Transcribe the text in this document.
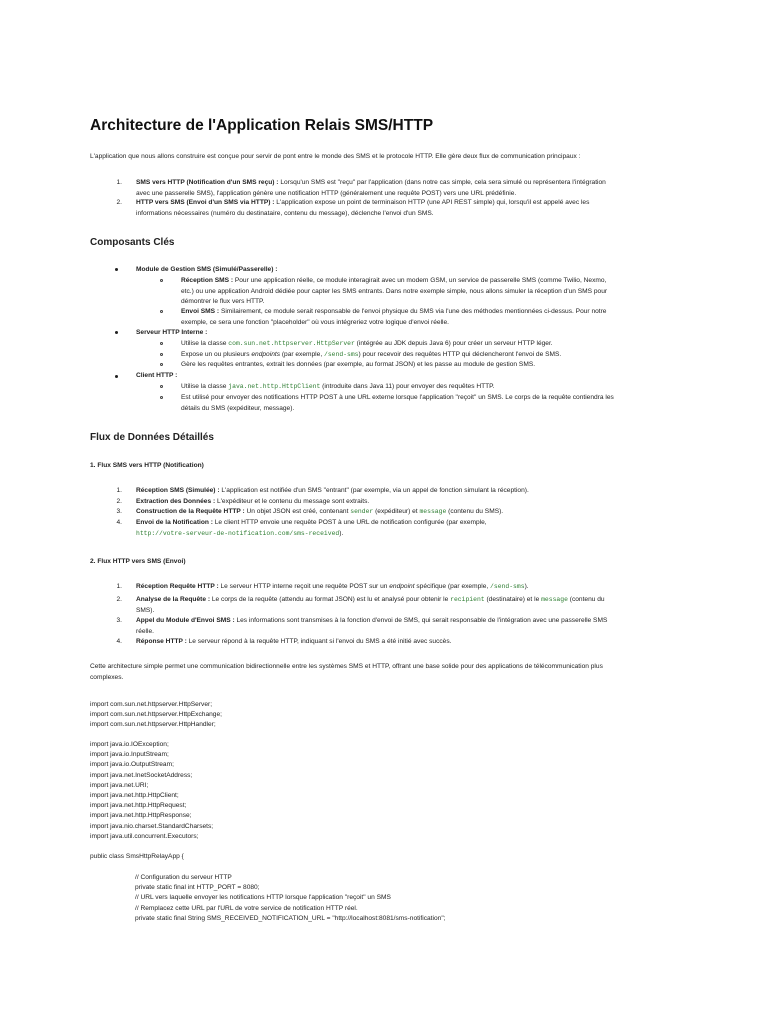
Architecture de l'Application Relais SMS/HTTP
L'application que nous allons construire est conçue pour servir de pont entre le monde des SMS et le protocole HTTP. Elle gère deux flux de communication principaux :
1. SMS vers HTTP (Notification d'un SMS reçu) : Lorsqu'un SMS est "reçu" par l'application (dans notre cas simple, cela sera simulé ou représentera l'intégration
avec une passerelle SMS), l'application génère une notification HTTP (généralement une requête POST) vers une URL prédéfinie.
2. HTTP vers SMS (Envoi d'un SMS via HTTP) : L'application expose un point de terminaison HTTP (une API REST simple) qui, lorsqu'il est appelé avec les
informations nécessaires (numéro du destinataire, contenu du message), déclenche l'envoi d'un SMS.
Composants Clés
Module de Gestion SMS (Simulé/Passerelle) :
Réception SMS : Pour une application réelle, ce module interagirait avec un modem GSM, un service de passerelle SMS (comme Twilio, Nexmo,
etc.) ou une application Android dédiée pour capter les SMS entrants. Dans notre exemple simple, nous allons simuler la réception d'un SMS pour
démontrer le flux vers HTTP.
Envoi SMS : Similairement, ce module serait responsable de l'envoi physique du SMS via l'une des méthodes mentionnées ci-dessus. Pour notre
exemple, ce sera une fonction "placeholder" où vous intégreriez votre logique d'envoi réelle.
Serveur HTTP Interne :
Utilise la classe com.sun.net.httpserver.HttpServer (intégrée au JDK depuis Java 6) pour créer un serveur HTTP léger.
Expose un ou plusieurs endpoints (par exemple, /send-sms) pour recevoir des requêtes HTTP qui déclencheront l'envoi de SMS.
Gère les requêtes entrantes, extrait les données (par exemple, au format JSON) et les passe au module de gestion SMS.
Client HTTP :
Utilise la classe java.net.http.HttpClient (introduite dans Java 11) pour envoyer des requêtes HTTP.
Est utilisé pour envoyer des notifications HTTP POST à une URL externe lorsque l'application "reçoit" un SMS. Le corps de la requête contiendra les
détails du SMS (expéditeur, message).
Flux de Données Détaillés
1. Flux SMS vers HTTP (Notification)
1. Réception SMS (Simulée) : L'application est notifiée d'un SMS "entrant" (par exemple, via un appel de fonction simulant la réception).
2. Extraction des Données : L'expéditeur et le contenu du message sont extraits.
3. Construction de la Requête HTTP : Un objet JSON est créé, contenant sender (expéditeur) et message (contenu du SMS).
4. Envoi de la Notification : Le client HTTP envoie une requête POST à une URL de notification configurée (par exemple,
http://votre-serveur-de-notification.com/sms-received).
2. Flux HTTP vers SMS (Envoi)
1. Réception Requête HTTP : Le serveur HTTP interne reçoit une requête POST sur un endpoint spécifique (par exemple, /send-sms).
2. Analyse de la Requête : Le corps de la requête (attendu au format JSON) est lu et analysé pour obtenir le recipient (destinataire) et le message (contenu du
SMS).
3. Appel du Module d'Envoi SMS : Les informations sont transmises à la fonction d'envoi de SMS, qui serait responsable de l'intégration avec une passerelle SMS
réelle.
4. Réponse HTTP : Le serveur répond à la requête HTTP, indiquant si l'envoi du SMS a été initié avec succès.
Cette architecture simple permet une communication bidirectionnelle entre les systèmes SMS et HTTP, offrant une base solide pour des applications de télécommunication plus
complexes.
import com.sun.net.httpserver.HttpServer;
import com.sun.net.httpserver.HttpExchange;
import com.sun.net.httpserver.HttpHandler;
import java.io.IOException;
import java.io.InputStream;
import java.io.OutputStream;
import java.net.InetSocketAddress;
import java.net.URI;
import java.net.http.HttpClient;
import java.net.http.HttpRequest;
import java.net.http.HttpResponse;
import java.nio.charset.StandardCharsets;
import java.util.concurrent.Executors;
public class SmsHttpRelayApp {
// Configuration du serveur HTTP
private static final int HTTP_PORT = 8080;
// URL vers laquelle envoyer les notifications HTTP lorsque l'application "reçoit" un SMS
// Remplacez cette URL par l'URL de votre service de notification HTTP réel.
private static final String SMS_RECEIVED_NOTIFICATION_URL = "http://localhost:8081/sms-notification";
